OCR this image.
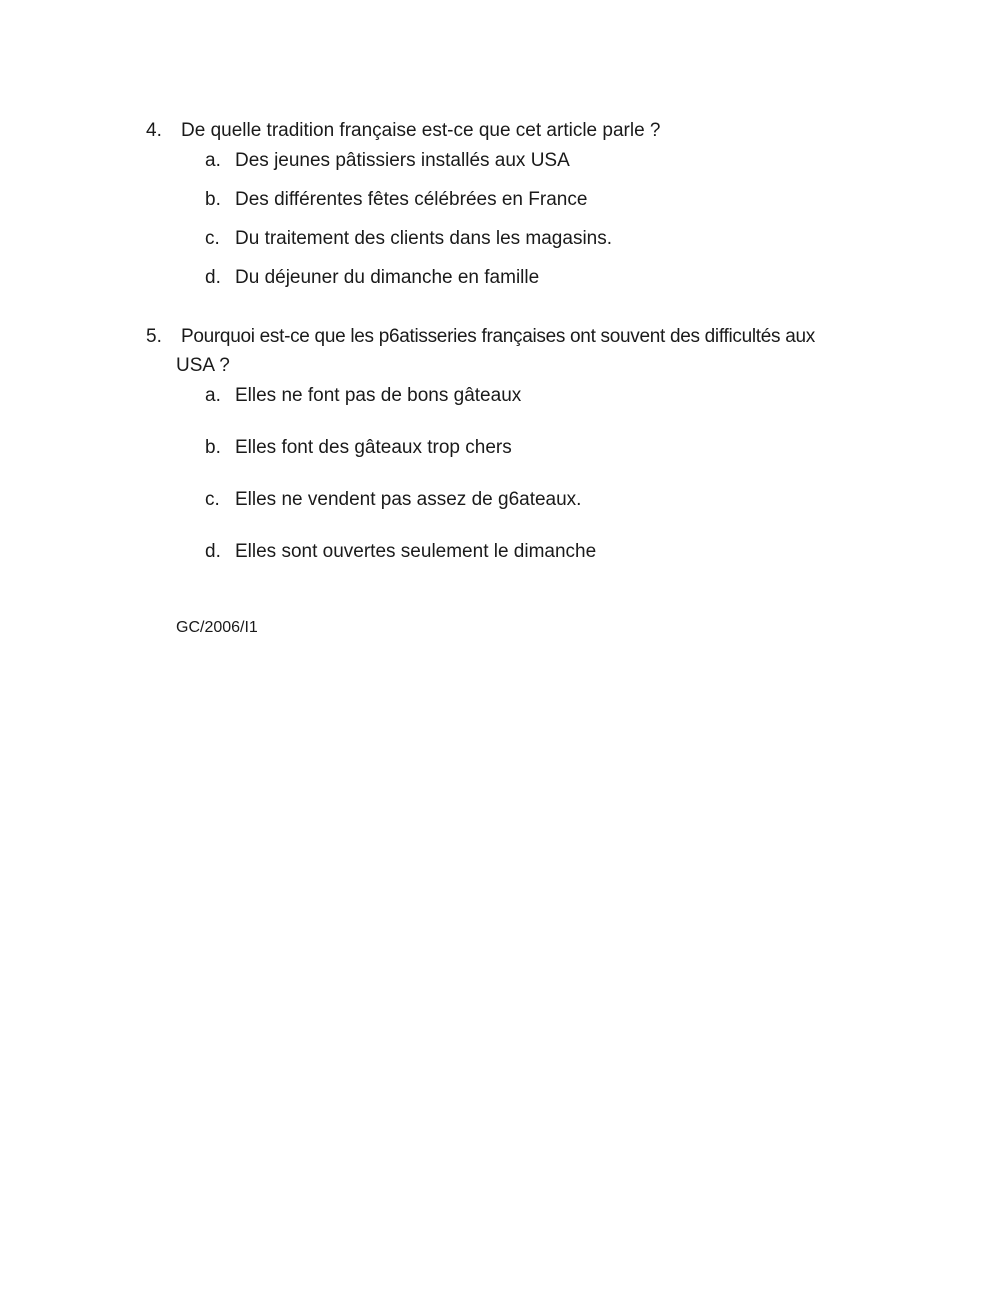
4. De quelle tradition française est-ce que cet article parle ?
a. Des jeunes pâtissiers installés aux USA
b. Des différentes fêtes célébrées en France
c. Du traitement des clients dans les magasins.
d. Du déjeuner du dimanche en famille
5. Pourquoi est-ce que les p6atisseries françaises ont souvent des difficultés aux
USA ?
a. Elles ne font pas de bons gâteaux
b. Elles font des gâteaux trop chers
c. Elles ne vendent pas assez de g6ateaux.
d. Elles sont ouvertes seulement le dimanche
GC/2006/I1
